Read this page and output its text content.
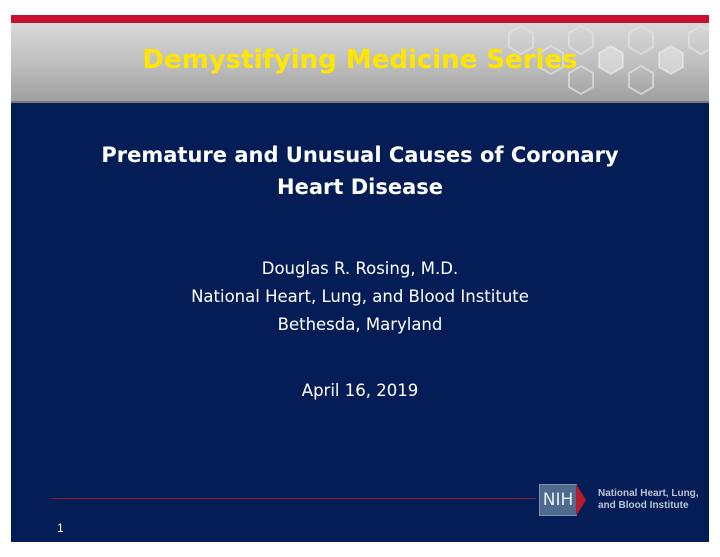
Demystifying Medicine Series
Premature and Unusual Causes of Coronary
Heart Disease
Douglas R. Rosing, M.D.
National Heart, Lung, and Blood Institute
Bethesda, Maryland
April 16, 2019
NIH	National Heart, Lung,
and Blood Institute
1
